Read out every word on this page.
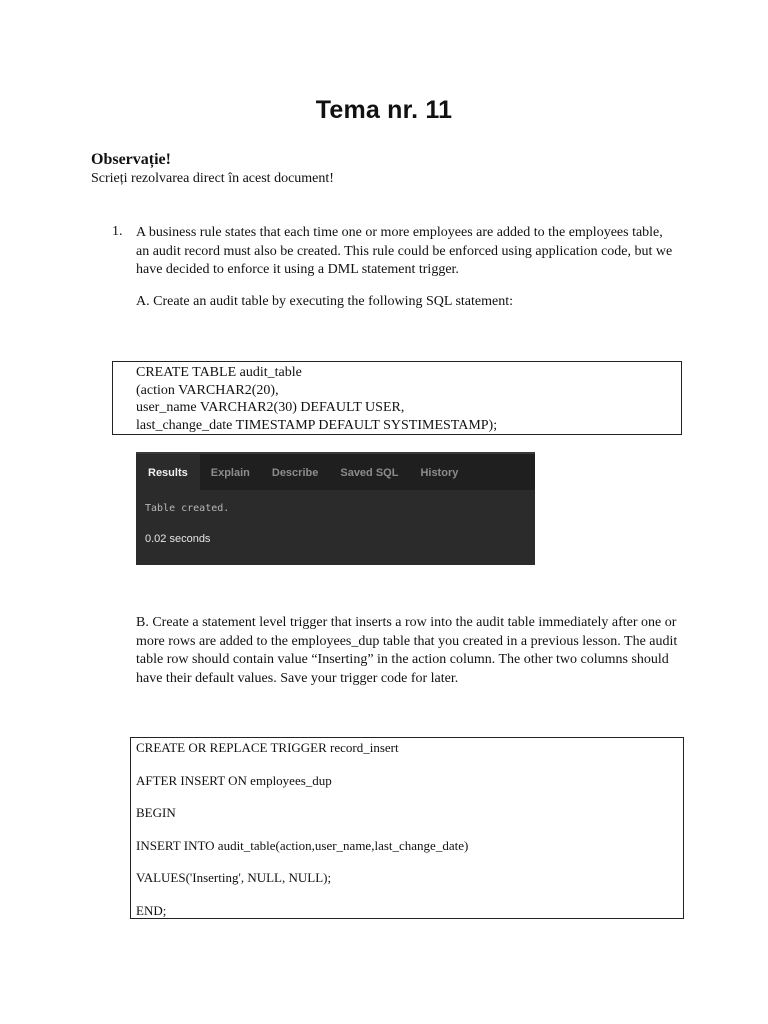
Tema nr. 11
Observație!
Scrieți rezolvarea direct în acest document!
1. A business rule states that each time one or more employees are added to the employees table, an audit record must also be created. This rule could be enforced using application code, but we have decided to enforce it using a DML statement trigger.
A. Create an audit table by executing the following SQL statement:
CREATE TABLE audit_table
(action VARCHAR2(20),
user_name VARCHAR2(30) DEFAULT USER,
last_change_date TIMESTAMP DEFAULT SYSTIMESTAMP);
Results	Explain	Describe	Saved SQL	History
Table created.
0.02 seconds
B. Create a statement level trigger that inserts a row into the audit table immediately after one or more rows are added to the employees_dup table that you created in a previous lesson. The audit table row should contain value “Inserting” in the action column. The other two columns should have their default values. Save your trigger code for later.
CREATE OR REPLACE TRIGGER record_insert
AFTER INSERT ON employees_dup
BEGIN
INSERT INTO audit_table(action,user_name,last_change_date)
VALUES('Inserting', NULL, NULL);
END;
